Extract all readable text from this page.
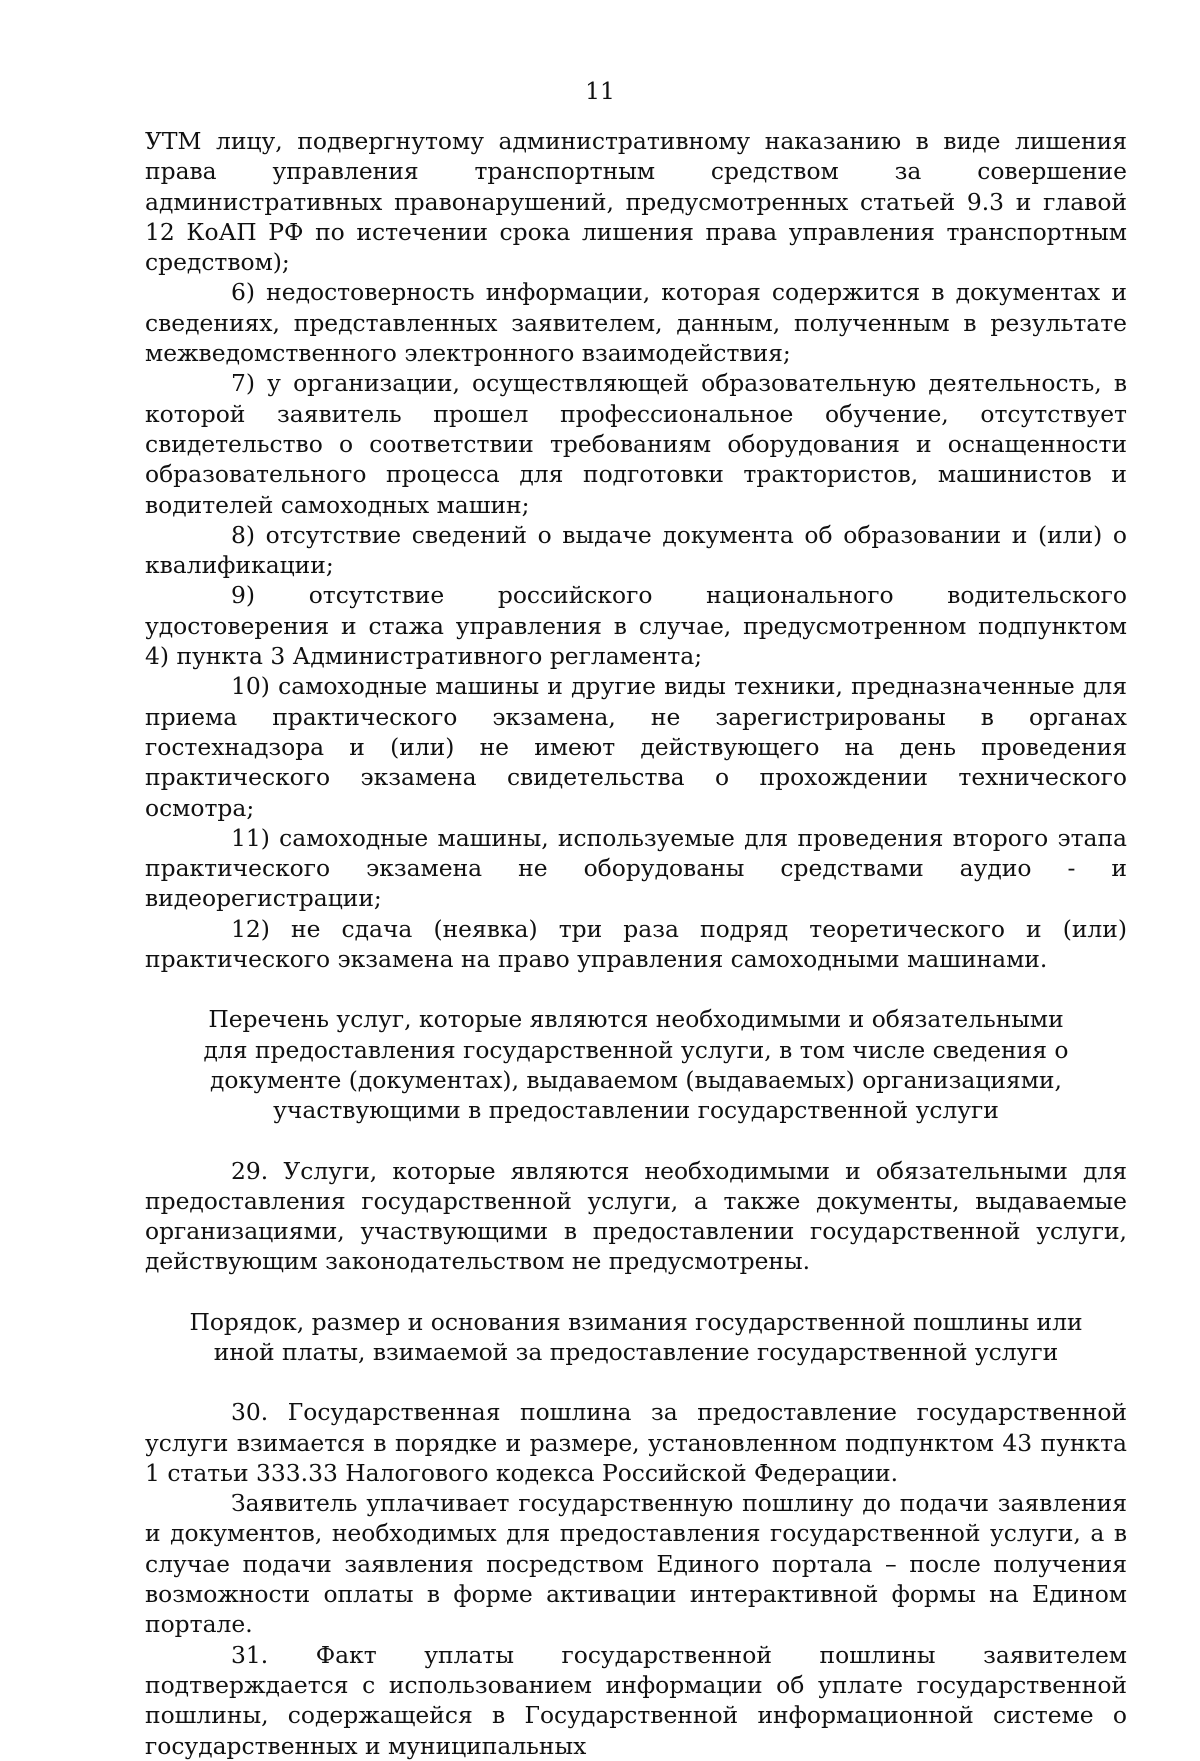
11

УТМ лицу, подвергнутому административному наказанию в виде лишения права управления транспортным средством за совершение административных правонарушений, предусмотренных статьей 9.3 и главой 12 КоАП РФ по истечении срока лишения права управления транспортным средством);

6) недостоверность информации, которая содержится в документах и сведениях, представленных заявителем, данным, полученным в результате межведомственного электронного взаимодействия;

7) у организации, осуществляющей образовательную деятельность, в которой заявитель прошел профессиональное обучение, отсутствует свидетельство о соответствии требованиям оборудования и оснащенности образовательного процесса для подготовки трактористов, машинистов и водителей самоходных машин;

8) отсутствие сведений о выдаче документа об образовании и (или) о квалификации;

9) отсутствие российского национального водительского удостоверения и стажа управления в случае, предусмотренном подпунктом 4) пункта 3 Административного регламента;

10) самоходные машины и другие виды техники, предназначенные для приема практического экзамена, не зарегистрированы в органах гостехнадзора и (или) не имеют действующего на день проведения практического экзамена свидетельства о прохождении технического осмотра;

11) самоходные машины, используемые для проведения второго этапа практического экзамена не оборудованы средствами аудио - и видеорегистрации;

12) не сдача (неявка) три раза подряд теоретического и (или) практического экзамена на право управления самоходными машинами.

Перечень услуг, которые являются необходимыми и обязательными для предоставления государственной услуги, в том числе сведения о документе (документах), выдаваемом (выдаваемых) организациями, участвующими в предоставлении государственной услуги

29. Услуги, которые являются необходимыми и обязательными для предоставления государственной услуги, а также документы, выдаваемые организациями, участвующими в предоставлении государственной услуги, действующим законодательством не предусмотрены.

Порядок, размер и основания взимания государственной пошлины или иной платы, взимаемой за предоставление государственной услуги

30. Государственная пошлина за предоставление государственной услуги взимается в порядке и размере, установленном подпунктом 43 пункта 1 статьи 333.33 Налогового кодекса Российской Федерации.

Заявитель уплачивает государственную пошлину до подачи заявления и документов, необходимых для предоставления государственной услуги, а в случае подачи заявления посредством Единого портала – после получения возможности оплаты в форме активации интерактивной формы на Едином портале.

31. Факт уплаты государственной пошлины заявителем подтверждается с использованием информации об уплате государственной пошлины, содержащейся в Государственной информационной системе о государственных и муниципальных
